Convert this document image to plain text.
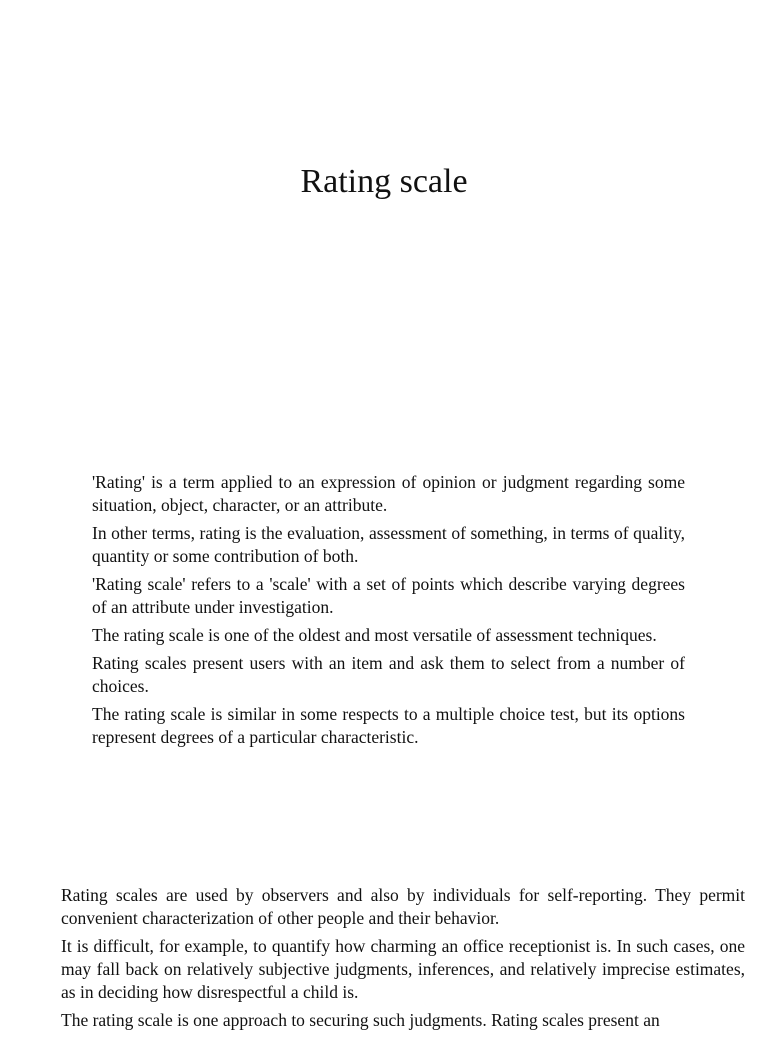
Rating scale

'Rating' is a term applied to an expression of opinion or judgment regarding some situation, object, character, or an attribute.

In other terms, rating is the evaluation, assessment of something, in terms of quality, quantity or some contribution of both.

'Rating scale' refers to a 'scale' with a set of points which describe varying degrees of an attribute under investigation.

The rating scale is one of the oldest and most versatile of assessment techniques.

Rating scales present users with an item and ask them to select from a number of choices.

The rating scale is similar in some respects to a multiple choice test, but its options represent degrees of a particular characteristic.

Rating scales are used by observers and also by individuals for self-reporting. They permit convenient characterization of other people and their behavior.

It is difficult, for example, to quantify how charming an office receptionist is. In such cases, one may fall back on relatively subjective judgments, inferences, and relatively imprecise estimates, as in deciding how disrespectful a child is.

The rating scale is one approach to securing such judgments. Rating scales present an
